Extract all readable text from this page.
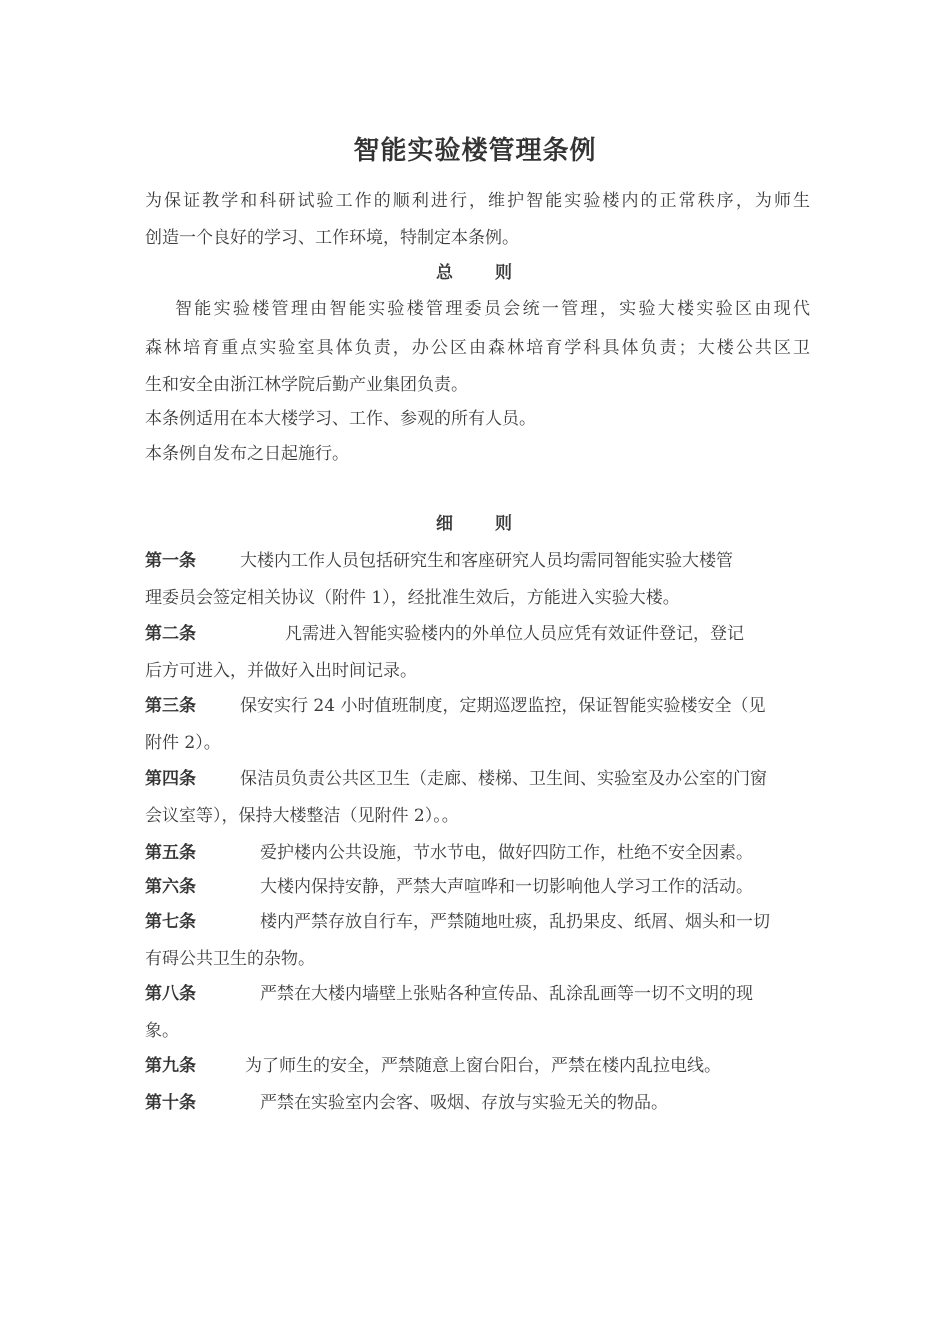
智能实验楼管理条例
为保证教学和科研试验工作的顺利进行，维护智能实验楼内的正常秩序，为师生
创造一个良好的学习、工作环境，特制定本条例。
总 则
智能实验楼管理由智能实验楼管理委员会统一管理，实验大楼实验区由现代
森林培育重点实验室具体负责，办公区由森林培育学科具体负责；大楼公共区卫
生和安全由浙江林学院后勤产业集团负责。
本条例适用在本大楼学习、工作、参观的所有人员。
本条例自发布之日起施行。
细 则
第一条	大楼内工作人员包括研究生和客座研究人员均需同智能实验大楼管
理委员会签定相关协议（附件 1），经批准生效后，方能进入实验大楼。
第二条	凡需进入智能实验楼内的外单位人员应凭有效证件登记，登记
后方可进入，并做好入出时间记录。
第三条	保安实行 24 小时值班制度，定期巡逻监控，保证智能实验楼安全（见
附件 2）。
第四条	保洁员负责公共区卫生（走廊、楼梯、卫生间、实验室及办公室的门窗
会议室等），保持大楼整洁（见附件 2）。。
第五条	爱护楼内公共设施，节水节电，做好四防工作，杜绝不安全因素。
第六条	大楼内保持安静，严禁大声喧哗和一切影响他人学习工作的活动。
第七条	楼内严禁存放自行车，严禁随地吐痰，乱扔果皮、纸屑、烟头和一切
有碍公共卫生的杂物。
第八条	严禁在大楼内墙壁上张贴各种宣传品、乱涂乱画等一切不文明的现
象。
第九条	为了师生的安全，严禁随意上窗台阳台，严禁在楼内乱拉电线。
第十条	严禁在实验室内会客、吸烟、存放与实验无关的物品。
